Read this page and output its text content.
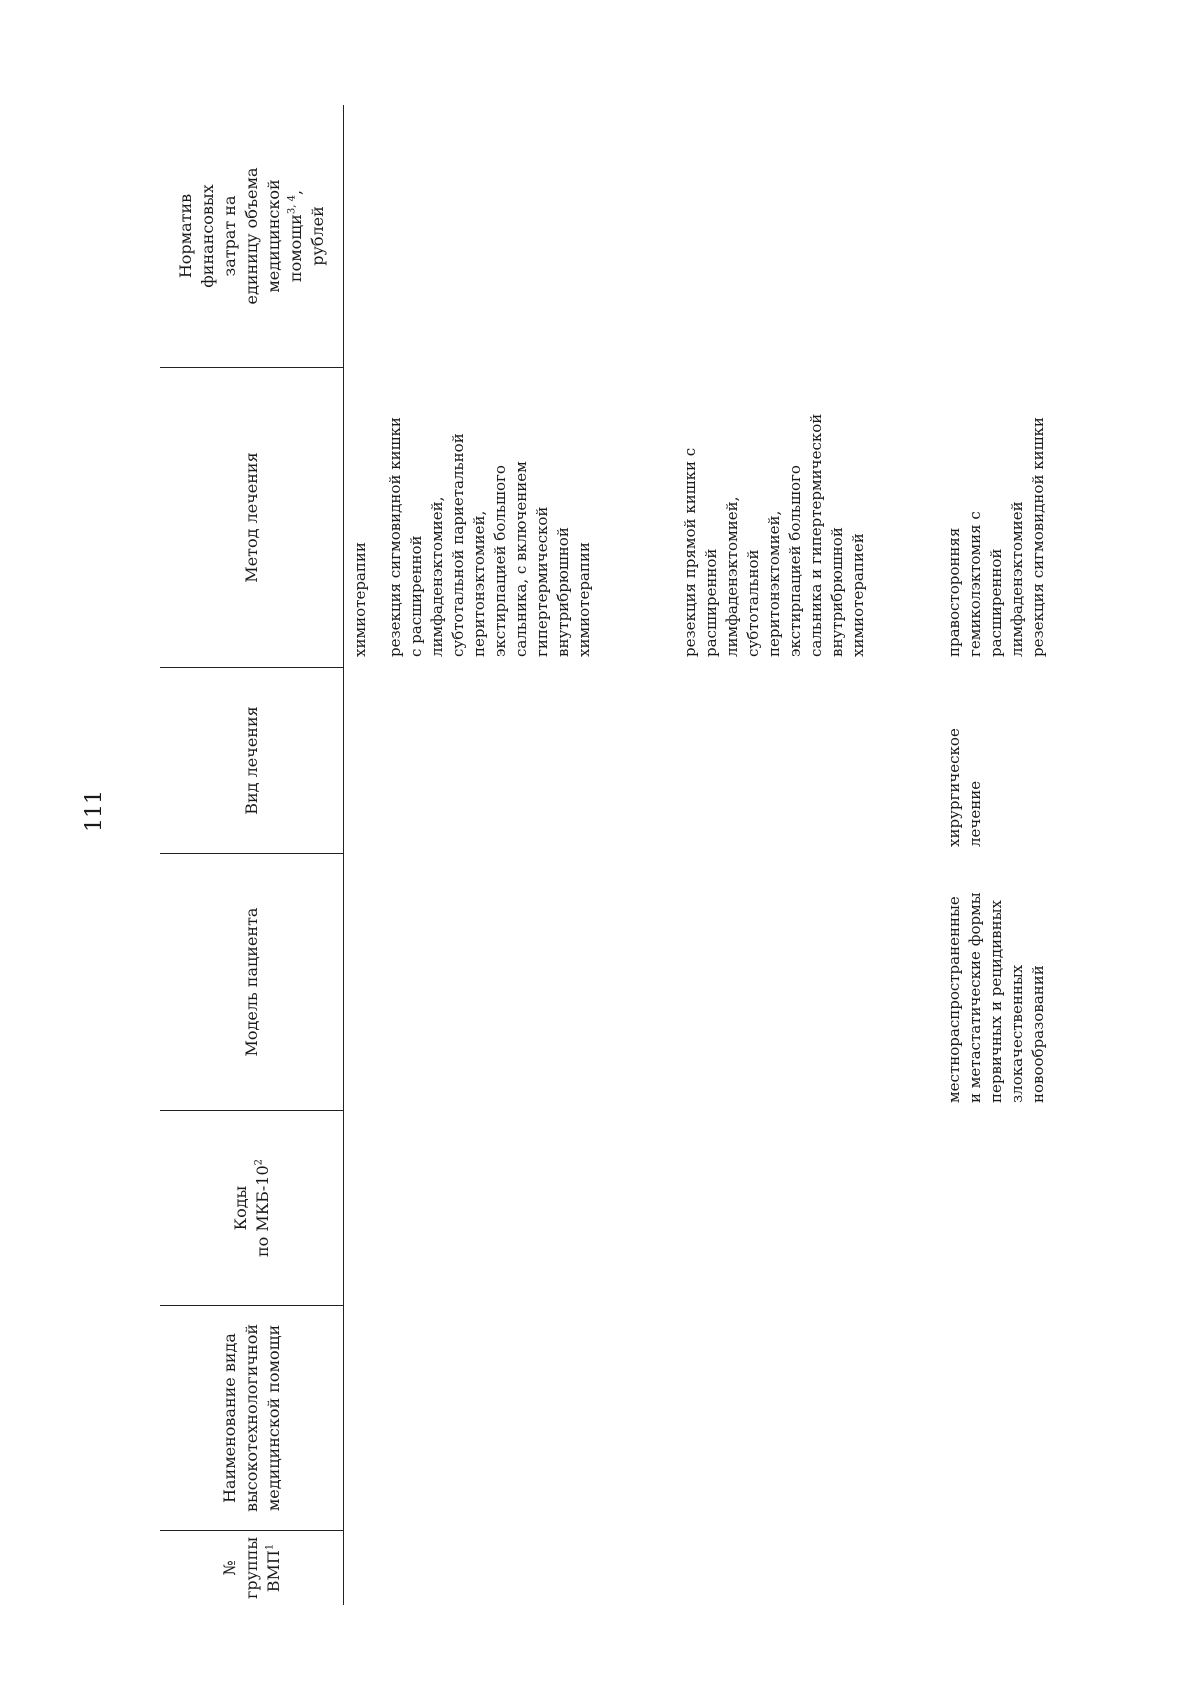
111
№ группы ВМП$^1$
Наименование вида высокотехнологичной медицинской помощи
Коды по МКБ-$10^2$
Модель пациента
Вид лечения
Метод лечения
Норматив финансовых затрат на единицу объема медицинской помощи$^{3, 4}$,
рублей

химиотерапии резекция сигмовидной кишки с расширенной лимфаденэктомией, субтотальной париетальной перитонэктомией, экстирпацией большого сальника, с включением гипертермической внутрибрюшной химиотерапии	резекция прямой кишки с расширенной лимфаденэктомией, субтотальной перитонэктомией, экстирпацией большого сальника и гипертермической внутрибрюшной химиотерапией	правосторонняя гемиколэктомия с расширенной лимфаденэктомией резекция сигмовидной кишки

местнораспространенные и метастатические формы первичных и рецидивных злокачественных новообразований

хирургическое лечение
